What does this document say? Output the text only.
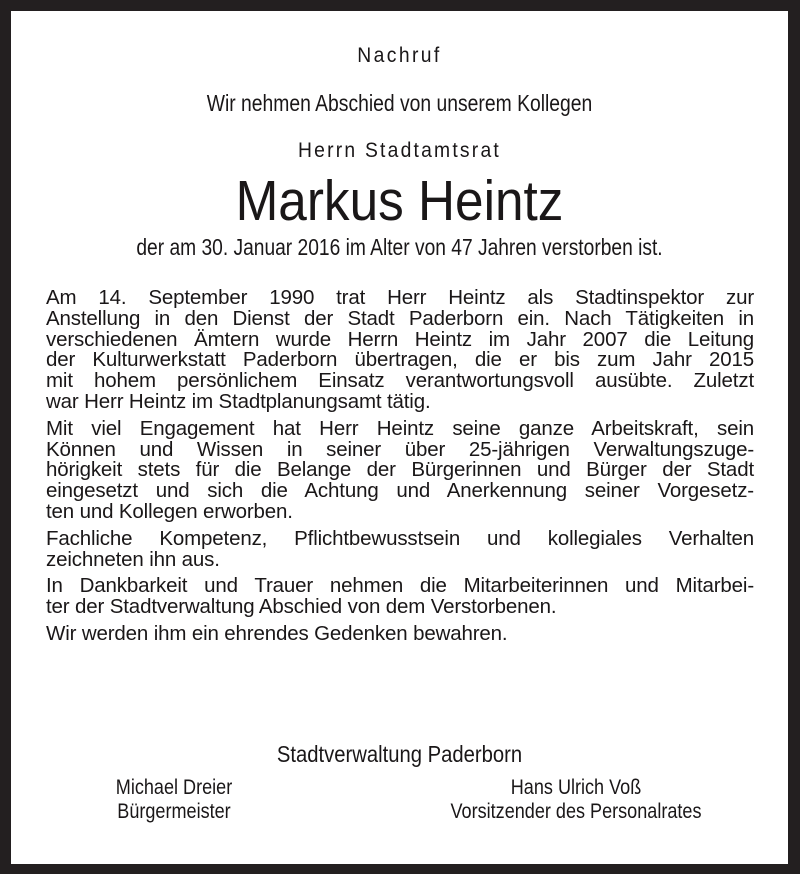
Nachruf
Wir nehmen Abschied von unserem Kollegen
Herrn Stadtamtsrat
Markus Heintz
der am 30. Januar 2016 im Alter von 47 Jahren verstorben ist.

Am 14. September 1990 trat Herr Heintz als Stadtinspektor zur
Anstellung in den Dienst der Stadt Paderborn ein. Nach Tätigkeiten in
verschiedenen Ämtern wurde Herrn Heintz im Jahr 2007 die Leitung
der Kulturwerkstatt Paderborn übertragen, die er bis zum Jahr 2015
mit hohem persönlichem Einsatz verantwortungsvoll ausübte. Zuletzt
war Herr Heintz im Stadtplanungsamt tätig.

Mit viel Engagement hat Herr Heintz seine ganze Arbeitskraft, sein
Können und Wissen in seiner über 25-jährigen Verwaltungszuge-
hörigkeit stets für die Belange der Bürgerinnen und Bürger der Stadt
eingesetzt und sich die Achtung und Anerkennung seiner Vorgesetz-
ten und Kollegen erworben.

Fachliche Kompetenz, Pflichtbewusstsein und kollegiales Verhalten
zeichneten ihn aus.

In Dankbarkeit und Trauer nehmen die Mitarbeiterinnen und Mitarbei-
ter der Stadtverwaltung Abschied von dem Verstorbenen.

Wir werden ihm ein ehrendes Gedenken bewahren.

Stadtverwaltung Paderborn
Michael Dreier
Bürgermeister
Hans Ulrich Voß
Vorsitzender des Personalrates
